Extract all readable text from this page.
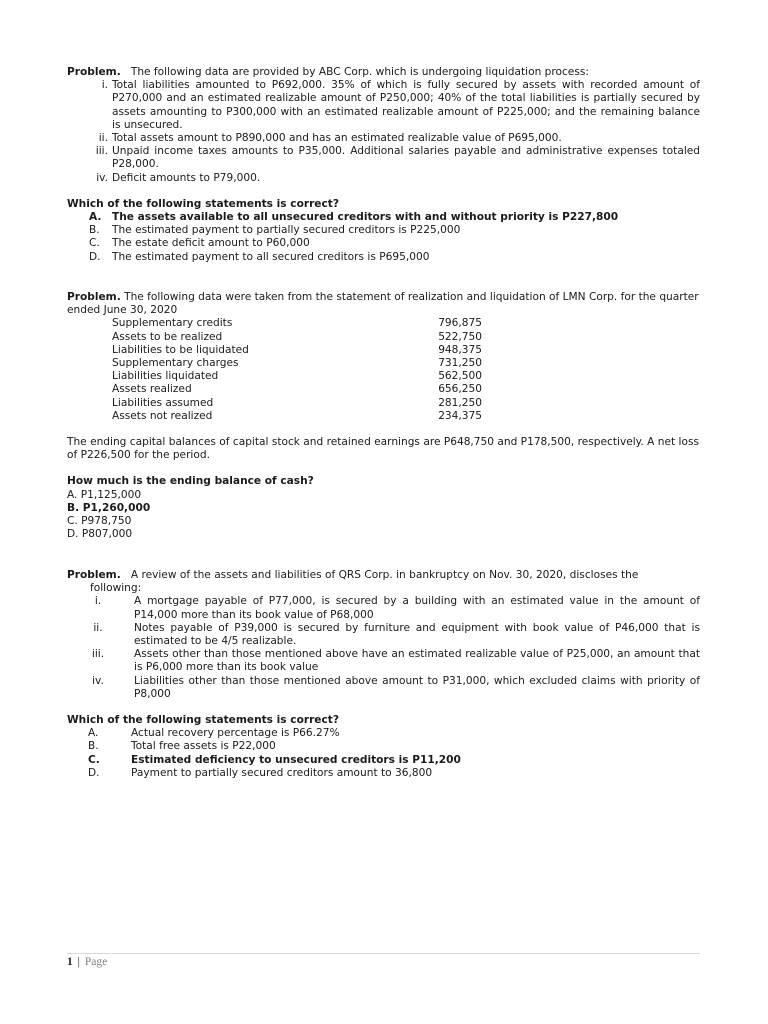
Problem. The following data are provided by ABC Corp. which is undergoing liquidation process:

i. Total liabilities amounted to P692,000. 35% of which is fully secured by assets with recorded amount of P270,000 and an estimated realizable amount of P250,000; 40% of the total liabilities is partially secured by assets amounting to P300,000 with an estimated realizable amount of P225,000; and the remaining balance is unsecured.
ii. Total assets amount to P890,000 and has an estimated realizable value of P695,000.
iii. Unpaid income taxes amounts to P35,000. Additional salaries payable and administrative expenses totaled P28,000.
iv. Deficit amounts to P79,000.

Which of the following statements is correct?

A. The assets available to all unsecured creditors with and without priority is P227,800
B. The estimated payment to partially secured creditors is P225,000
C. The estate deficit amount to P60,000
D. The estimated payment to all secured creditors is P695,000

Problem. The following data were taken from the statement of realization and liquidation of LMN Corp. for the quarter ended June 30, 2020

Supplementary credits	796,875
Assets to be realized	522,750
Liabilities to be liquidated	948,375
Supplementary charges	731,250
Liabilities liquidated	562,500
Assets realized	656,250
Liabilities assumed	281,250
Assets not realized	234,375

The ending capital balances of capital stock and retained earnings are P648,750 and P178,500, respectively. A net loss of P226,500 for the period.

How much is the ending balance of cash?

A. P1,125,000

B. P1,260,000

C. P978,750

D. P807,000

Problem. A review of the assets and liabilities of QRS Corp. in bankruptcy on Nov. 30, 2020, discloses the

following:

i.	A mortgage payable of P77,000, is secured by a building with an estimated value in the amount of P14,000 more than its book value of P68,000
ii.	Notes payable of P39,000 is secured by furniture and equipment with book value of P46,000 that is estimated to be 4/5 realizable.
iii.	Assets other than those mentioned above have an estimated realizable value of P25,000, an amount that is P6,000 more than its book value
iv.	Liabilities other than those mentioned above amount to P31,000, which excluded claims with priority of P8,000

Which of the following statements is correct?

A.	Actual recovery percentage is P66.27%
B.	Total free assets is P22,000
C.	Estimated deficiency to unsecured creditors is P11,200
D.	Payment to partially secured creditors amount to 36,800
1 | Page
